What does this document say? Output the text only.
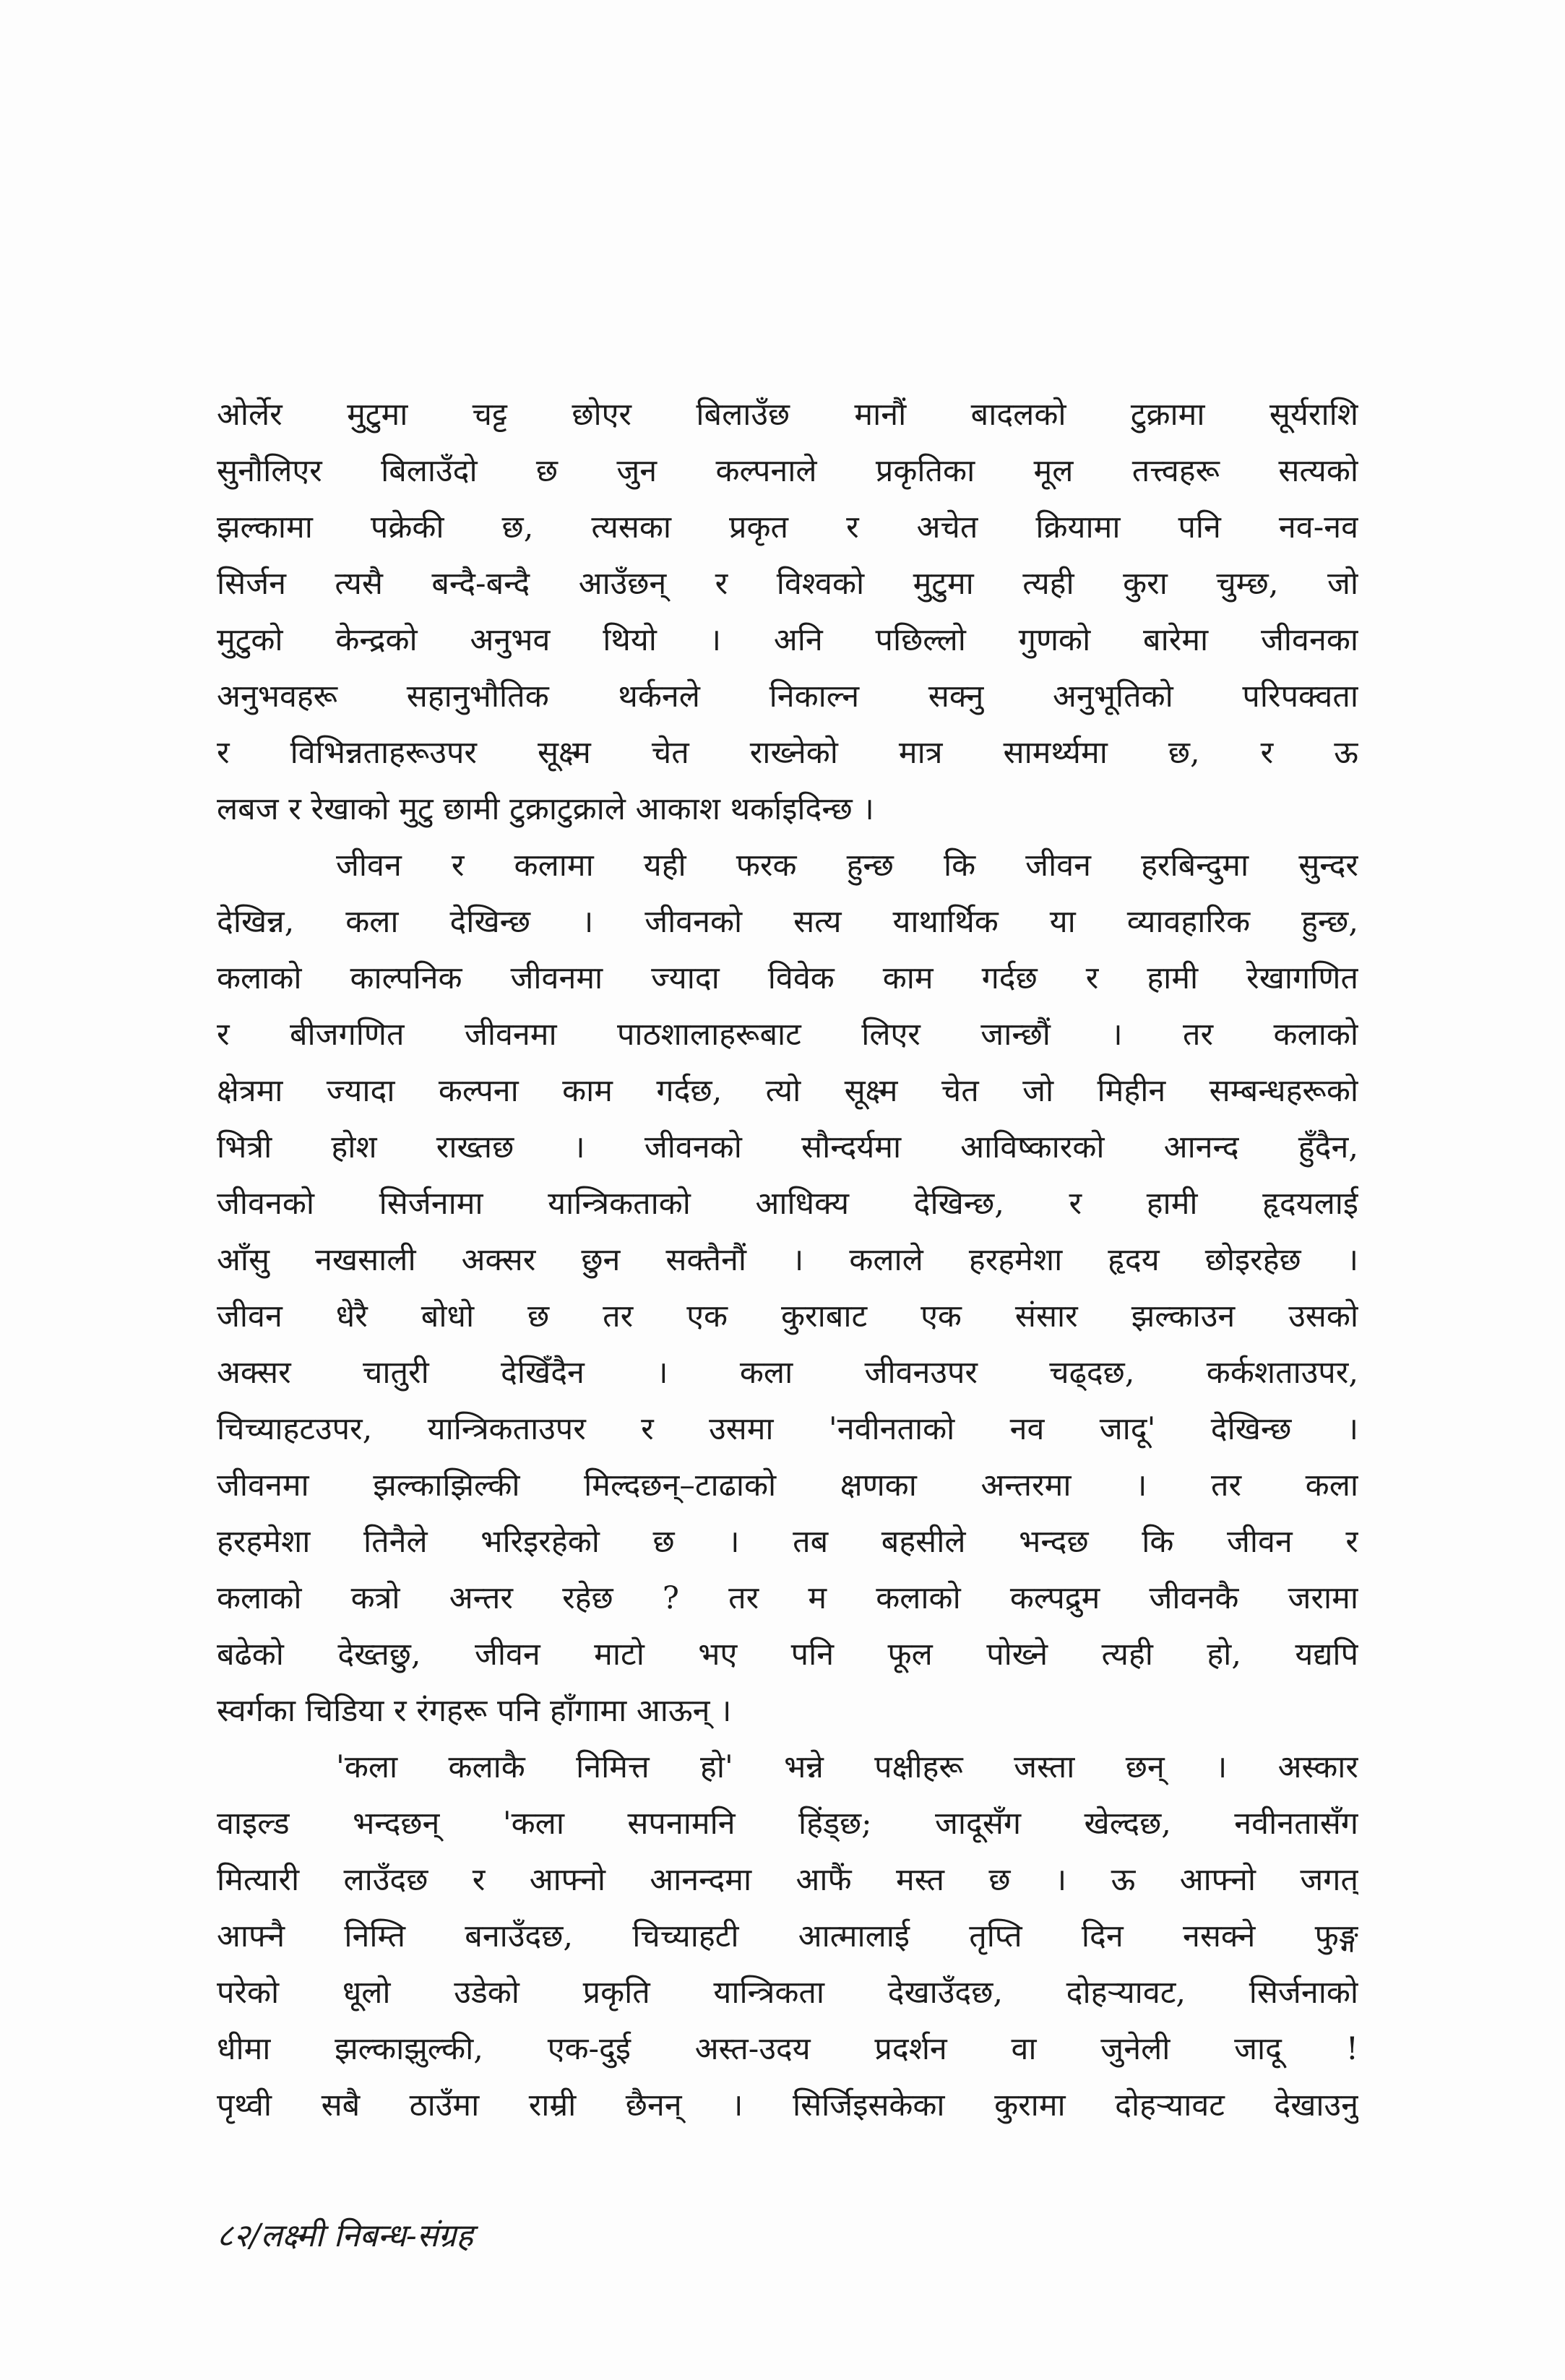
ओर्लेर मुटुमा चट्ट छोएर बिलाउँछ मानौं बादलको टुक्रामा सूर्यराशि
सुनौलिएर बिलाउँदो छ जुन कल्पनाले प्रकृतिका मूल तत्त्वहरू सत्यको
झल्कामा पक्रेकी छ, त्यसका प्रकृत र अचेत क्रियामा पनि नव-नव
सिर्जन त्यसै बन्दै-बन्दै आउँछन् र विश्वको मुटुमा त्यही कुरा चुम्छ, जो
मुटुको केन्द्रको अनुभव थियो । अनि पछिल्लो गुणको बारेमा जीवनका
अनुभवहरू सहानुभौतिक थर्कनले निकाल्न सक्नु अनुभूतिको परिपक्वता
र विभिन्नताहरूउपर सूक्ष्म चेत राख्नेको मात्र सामर्थ्यमा छ, र ऊ
लबज र रेखाको मुटु छामी टुक्राटुक्राले आकाश थर्काइदिन्छ ।

जीवन र कलामा यही फरक हुन्छ कि जीवन हरबिन्दुमा सुन्दर
देखिन्न, कला देखिन्छ । जीवनको सत्य याथार्थिक या व्यावहारिक हुन्छ,
कलाको काल्पनिक जीवनमा ज्यादा विवेक काम गर्दछ र हामी रेखागणित
र बीजगणित जीवनमा पाठशालाहरूबाट लिएर जान्छौं । तर कलाको
क्षेत्रमा ज्यादा कल्पना काम गर्दछ, त्यो सूक्ष्म चेत जो मिहीन सम्बन्धहरूको
भित्री होश राख्तछ । जीवनको सौन्दर्यमा आविष्कारको आनन्द हुँदैन,
जीवनको सिर्जनामा यान्त्रिकताको आधिक्य देखिन्छ, र हामी हृदयलाई
आँसु नखसाली अक्सर छुन सक्तैनौं । कलाले हरहमेशा हृदय छोइरहेछ ।
जीवन धेरै बोधो छ तर एक कुराबाट एक संसार झल्काउन उसको
अक्सर चातुरी देखिँदैन । कला जीवनउपर चढ्दछ, कर्कशताउपर,
चिच्याहटउपर, यान्त्रिकताउपर र उसमा 'नवीनताको नव जादू' देखिन्छ ।
जीवनमा झल्काझिल्की मिल्दछन्–टाढाको क्षणका अन्तरमा । तर कला
हरहमेशा तिनैले भरिइरहेको छ । तब बहसीले भन्दछ कि जीवन र
कलाको कत्रो अन्तर रहेछ ? तर म कलाको कल्पद्रुम जीवनकै जरामा
बढेको देख्तछु, जीवन माटो भए पनि फूल पोख्ने त्यही हो, यद्यपि
स्वर्गका चिडिया र रंगहरू पनि हाँगामा आऊन् ।

'कला कलाकै निमित्त हो' भन्ने पक्षीहरू जस्ता छन् । अस्कार
वाइल्ड भन्दछन् 'कला सपनामनि हिंड्छ; जादूसँग खेल्दछ, नवीनतासँग
मित्यारी लाउँदछ र आफ्नो आनन्दमा आफैं मस्त छ । ऊ आफ्नो जगत्
आफ्नै निम्ति बनाउँदछ, चिच्याहटी आत्मालाई तृप्ति दिन नसक्ने फुङ्ग
परेको धूलो उडेको प्रकृति यान्त्रिकता देखाउँदछ, दोहऱ्यावट, सिर्जनाको
धीमा झल्काझुल्की, एक-दुई अस्त-उदय प्रदर्शन वा जुनेली जादू !
पृथ्वी सबै ठाउँमा राम्री छैनन् । सिर्जिइसकेका कुरामा दोहऱ्यावट देखाउनु

८२/लक्ष्मी निबन्ध-संग्रह
